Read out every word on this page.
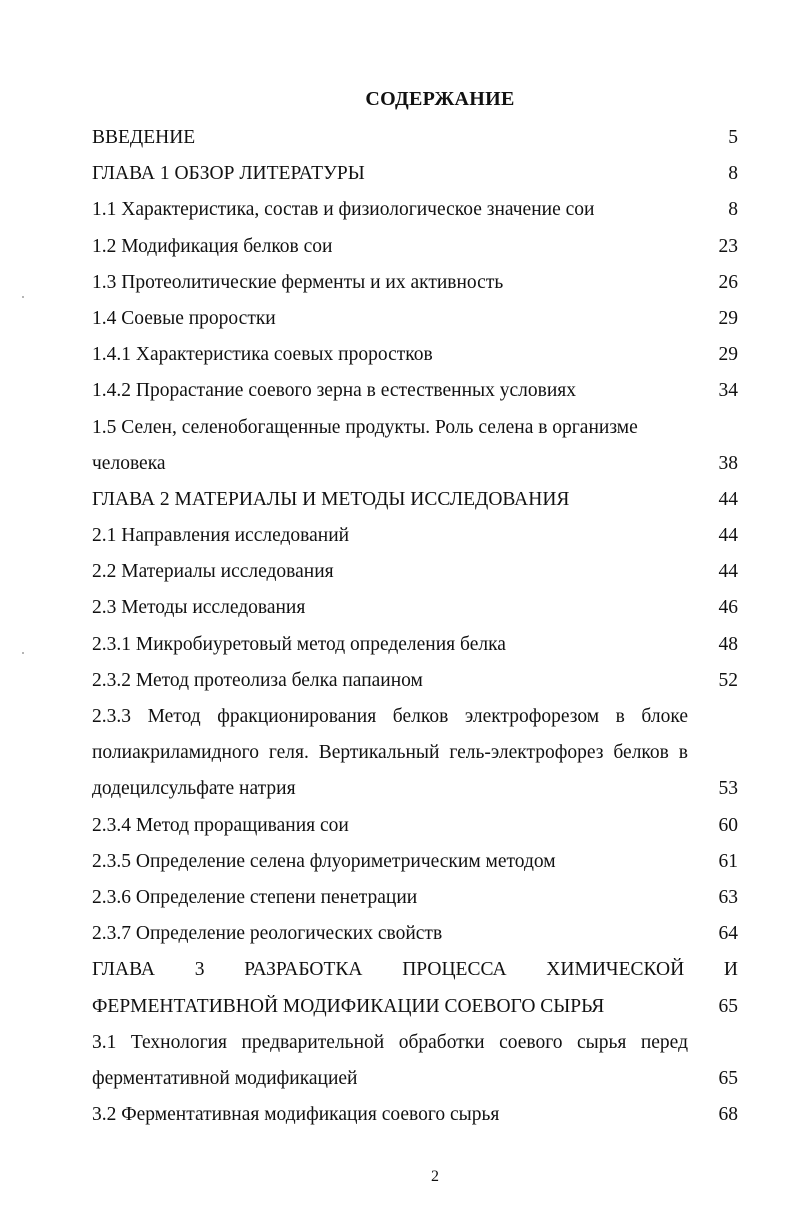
СОДЕРЖАНИЕ
ВВЕДЕНИЕ	5
ГЛАВА 1 ОБЗОР ЛИТЕРАТУРЫ	8
1.1 Характеристика, состав и физиологическое значение сои	8
1.2 Модификация белков сои	23
1.3 Протеолитические ферменты и их активность	26
1.4 Соевые проростки	29
1.4.1 Характеристика соевых проростков	29
1.4.2 Прорастание соевого зерна в естественных условиях	34
1.5 Селен, селенобогащенные продукты. Роль селена в организме
человека	38
ГЛАВА 2 МАТЕРИАЛЫ И МЕТОДЫ ИССЛЕДОВАНИЯ	44
2.1 Направления исследований	44
2.2 Материалы исследования	44
2.3 Методы исследования	46
2.3.1 Микробиуретовый метод определения белка	48
2.3.2 Метод протеолиза белка папаином	52
2.3.3 Метод фракционирования белков электрофорезом в блоке
полиакриламидного геля. Вертикальный гель-электрофорез белков в
додецилсульфате натрия	53
2.3.4 Метод проращивания сои	60
2.3.5 Определение селена флуориметрическим методом	61
2.3.6 Определение степени пенетрации	63
2.3.7 Определение реологических свойств	64
ГЛАВА 3 РАЗРАБОТКА ПРОЦЕССА ХИМИЧЕСКОЙ И
ФЕРМЕНТАТИВНОЙ МОДИФИКАЦИИ СОЕВОГО СЫРЬЯ	65
3.1 Технология предварительной обработки соевого сырья перед
ферментативной модификацией	65
3.2 Ферментативная модификация соевого сырья	68
2
